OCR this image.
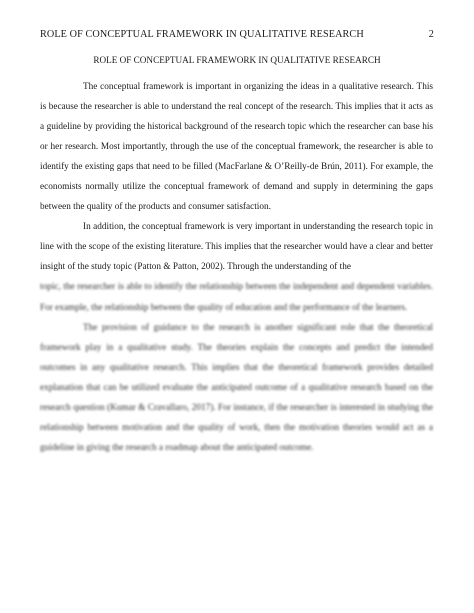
ROLE OF CONCEPTUAL FRAMEWORK IN QUALITATIVE RESEARCH	2
ROLE OF CONCEPTUAL FRAMEWORK IN QUALITATIVE RESEARCH

The conceptual framework is important in organizing the ideas in a qualitative research. This is because the researcher is able to understand the real concept of the research. This implies that it acts as a guideline by providing the historical background of the research topic which the researcher can base his or her research. Most importantly, through the use of the conceptual framework, the researcher is able to identify the existing gaps that need to be filled (MacFarlane & O’Reilly-de Brún, 2011). For example, the economists normally utilize the conceptual framework of demand and supply in determining the gaps between the quality of the products and consumer satisfaction.

In addition, the conceptual framework is very important in understanding the research topic in line with the scope of the existing literature. This implies that the researcher would have a clear and better insight of the study topic (Patton & Patton, 2002). Through the understanding of the

topic, the researcher is able to identify the relationship between the independent and dependent variables. For example, the relationship between the quality of education and the performance of the learners.

The provision of guidance to the research is another significant role that the theoretical framework play in a qualitative study. The theories explain the concepts and predict the intended outcomes in any qualitative research. This implies that the theoretical framework provides detailed explanation that can be utilized evaluate the anticipated outcome of a qualitative research based on the research question (Kumar & Cravallaro, 2017). For instance, if the researcher is interested in studying the relationship between motivation and the quality of work, then the motivation theories would act as a guideline in giving the research a roadmap about the anticipated outcome.
